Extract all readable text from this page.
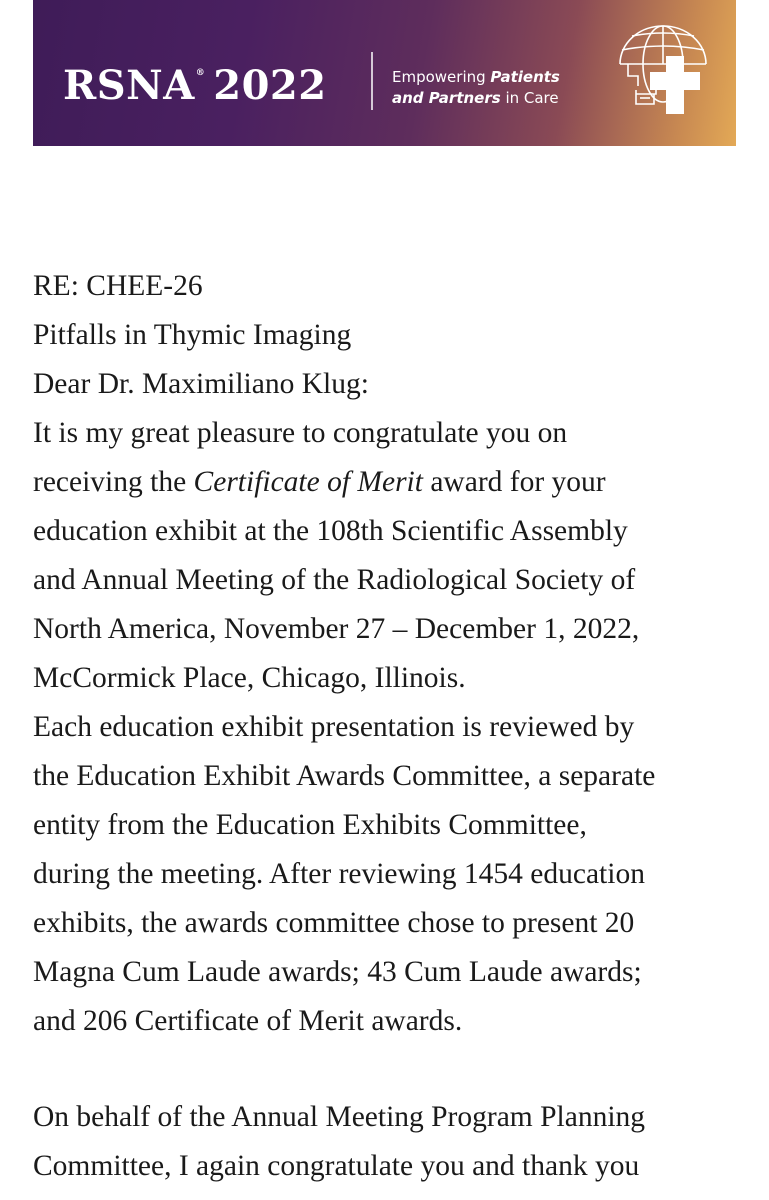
RSNA® 2022	Empowering Patients
and Partners in Care

RE: CHEE-26

Pitfalls in Thymic Imaging

Dear Dr. Maximiliano Klug:

It is my great pleasure to congratulate you on

receiving the Certificate of Merit award for your

education exhibit at the 108th Scientific Assembly

and Annual Meeting of the Radiological Society of

North America, November 27 – December 1, 2022,

McCormick Place, Chicago, Illinois.

Each education exhibit presentation is reviewed by

the Education Exhibit Awards Committee, a separate

entity from the Education Exhibits Committee,

during the meeting. After reviewing 1454 education

exhibits, the awards committee chose to present 20

Magna Cum Laude awards; 43 Cum Laude awards;

and 206 Certificate of Merit awards.

On behalf of the Annual Meeting Program Planning

Committee, I again congratulate you and thank you
